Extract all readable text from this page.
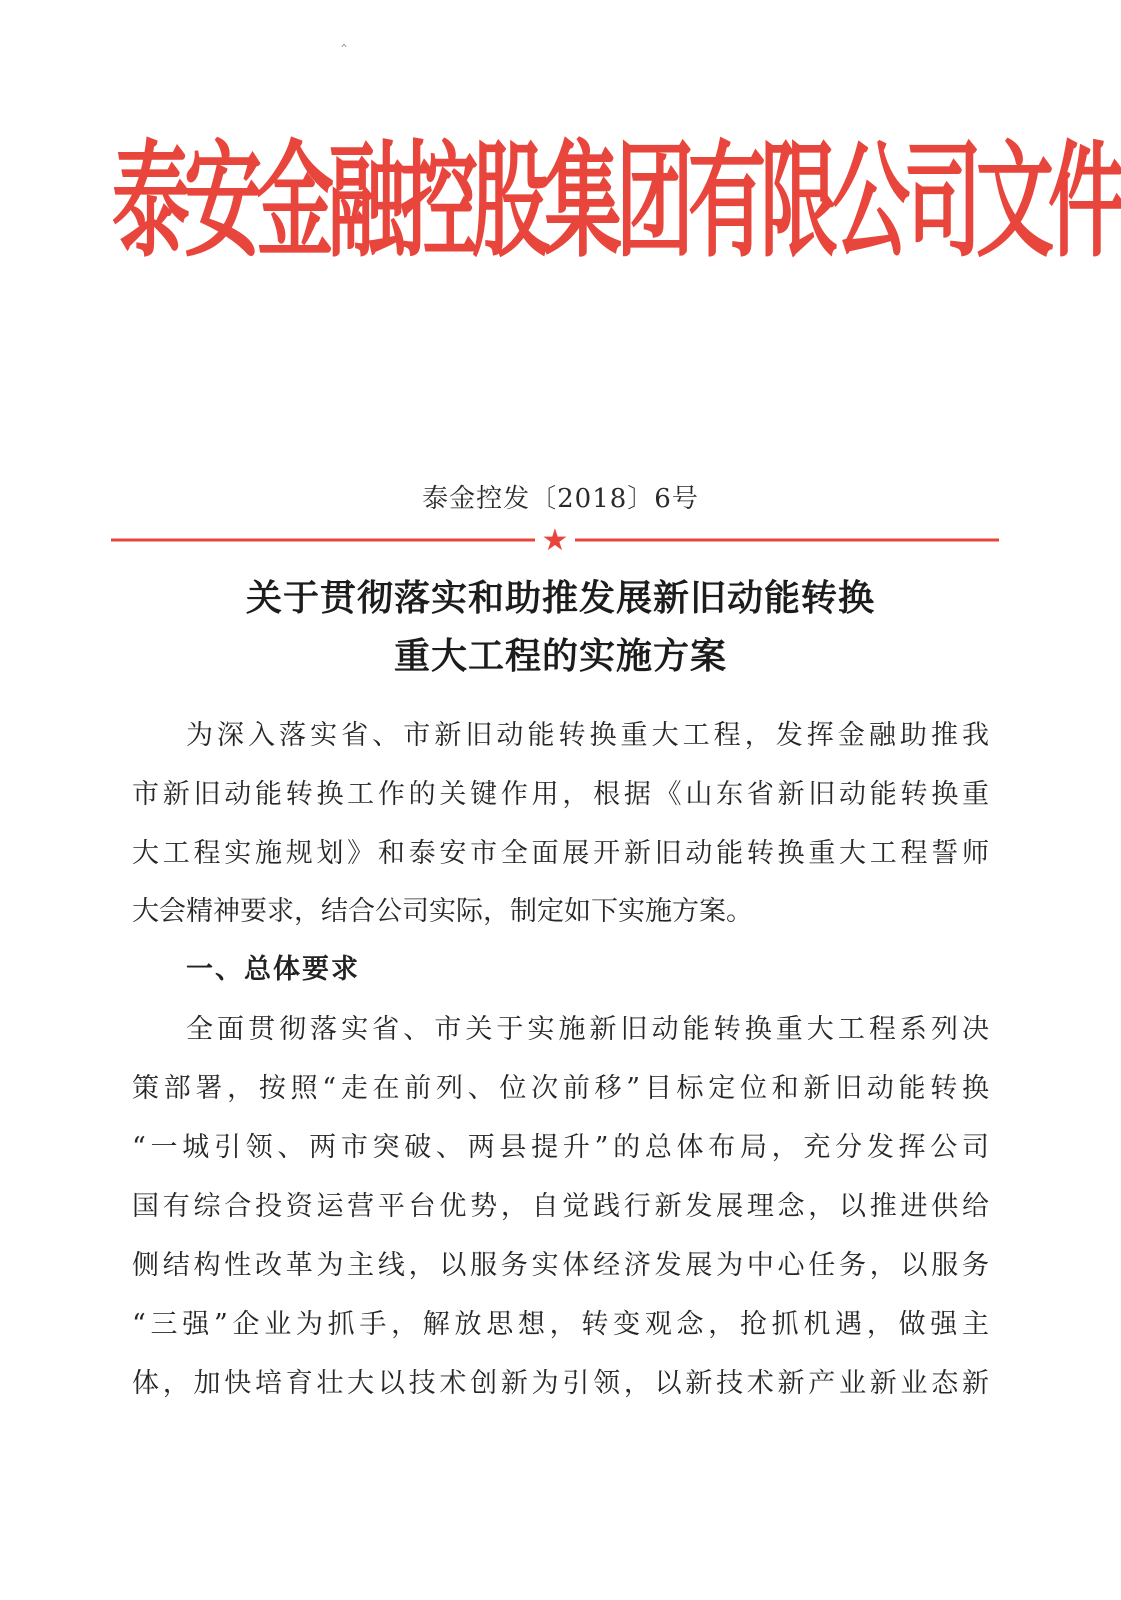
ˆ
泰安金融控股集团有限公司文件
泰金控发〔2018〕6号
★
关于贯彻落实和助推发展新旧动能转换
重大工程的实施方案
为深入落实省、市新旧动能转换重大工程，发挥金融助推我
市新旧动能转换工作的关键作用，根据《山东省新旧动能转换重
大工程实施规划》和泰安市全面展开新旧动能转换重大工程誓师
大会精神要求，结合公司实际，制定如下实施方案。
一、总体要求
全面贯彻落实省、市关于实施新旧动能转换重大工程系列决
策部署，按照“走在前列、位次前移”目标定位和新旧动能转换
“一城引领、两市突破、两县提升”的总体布局，充分发挥公司
国有综合投资运营平台优势，自觉践行新发展理念，以推进供给
侧结构性改革为主线，以服务实体经济发展为中心任务，以服务
“三强”企业为抓手，解放思想，转变观念，抢抓机遇，做强主
体，加快培育壮大以技术创新为引领，以新技术新产业新业态新
